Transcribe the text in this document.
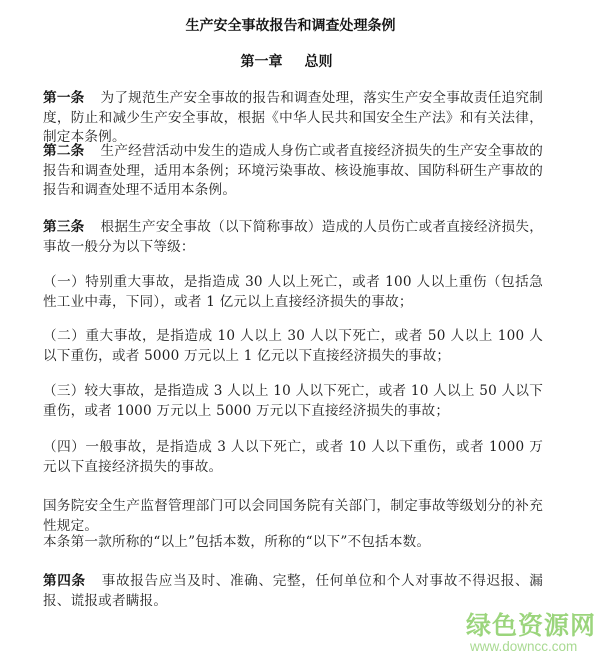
生产安全事故报告和调查处理条例
第一章 总则
第一条 为了规范生产安全事故的报告和调查处理，落实生产安全事故责任追究制度，防止和减少生产安全事故，根据《中华人民共和国安全生产法》和有关法律，制定本条例。
第二条 生产经营活动中发生的造成人身伤亡或者直接经济损失的生产安全事故的报告和调查处理，适用本条例；环境污染事故、核设施事故、国防科研生产事故的报告和调查处理不适用本条例。
第三条 根据生产安全事故（以下简称事故）造成的人员伤亡或者直接经济损失，事故一般分为以下等级：
（一）特别重大事故，是指造成 30 人以上死亡，或者 100 人以上重伤（包括急性工业中毒，下同），或者 1 亿元以上直接经济损失的事故；
（二）重大事故，是指造成 10 人以上 30 人以下死亡，或者 50 人以上 100 人以下重伤，或者 5000 万元以上 1 亿元以下直接经济损失的事故；
（三）较大事故，是指造成 3 人以上 10 人以下死亡，或者 10 人以上 50 人以下重伤，或者 1000 万元以上 5000 万元以下直接经济损失的事故；
（四）一般事故，是指造成 3 人以下死亡，或者 10 人以下重伤，或者 1000 万元以下直接经济损失的事故。
国务院安全生产监督管理部门可以会同国务院有关部门，制定事故等级划分的补充性规定。
本条第一款所称的“以上”包括本数，所称的“以下”不包括本数。
第四条 事故报告应当及时、准确、完整，任何单位和个人对事故不得迟报、漏报、谎报或者瞒报。
绿色资源网
www.downcc.com
